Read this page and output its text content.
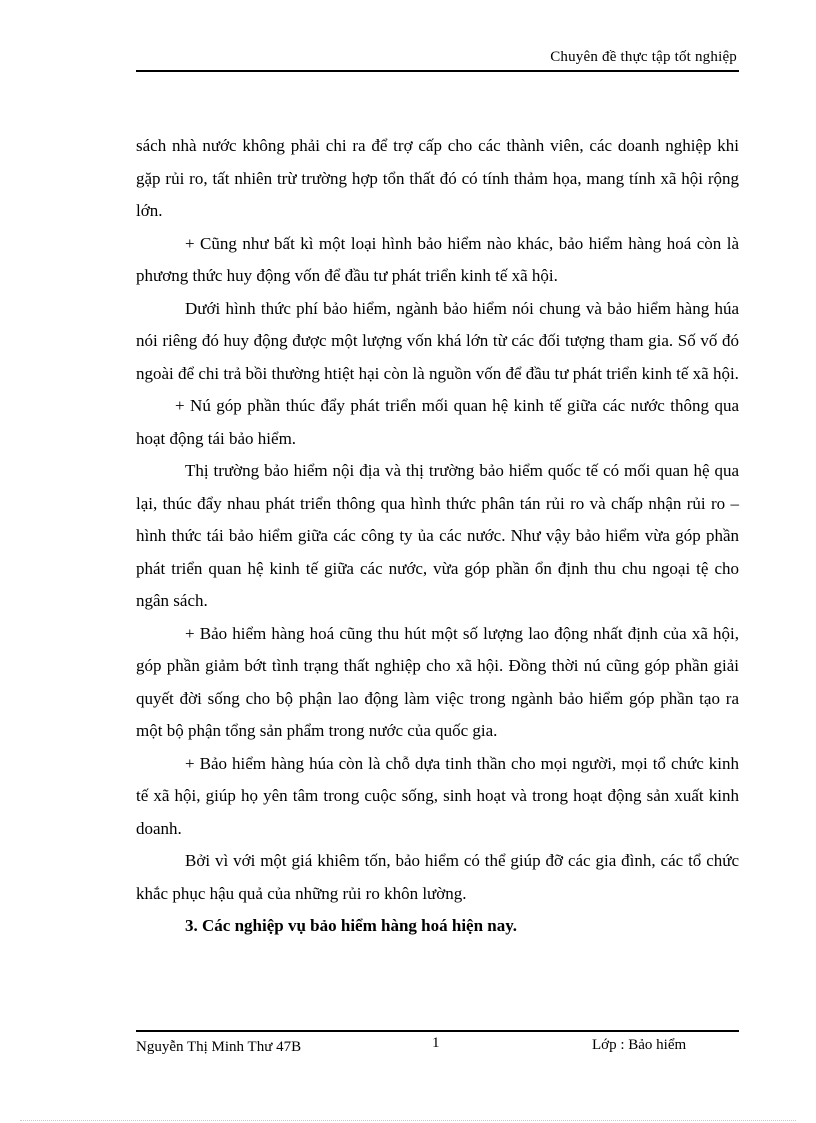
Chuyên đề thực tập tốt nghiệp

sách nhà nước không phải chi ra để trợ cấp cho các thành viên, các doanh nghiệp khi gặp rủi ro, tất nhiên trừ trường hợp tổn thất đó có tính thảm họa, mang tính xã hội rộng lớn.

+ Cũng như bất kì một loại hình bảo hiểm nào khác, bảo hiểm hàng hoá còn là phương thức huy động vốn để đầu tư phát triển kinh tế xã hội.

Dưới hình thức phí bảo hiểm, ngành bảo hiểm nói chung và bảo hiểm hàng húa nói riêng đó huy động được một lượng vốn khá lớn từ các đối tượng tham gia. Số vố đó ngoài để chi trả bồi thường htiệt hại còn là nguồn vốn để đầu tư phát triển kinh tế xã hội.

+ Nú góp phần thúc đẩy phát triển mối quan hệ kinh tế giữa các nước thông qua hoạt động tái bảo hiểm.

Thị trường bảo hiểm nội địa và thị trường bảo hiểm quốc tế có mối quan hệ qua lại, thúc đẩy nhau phát triển thông qua hình thức phân tán rủi ro và chấp nhận rủi ro – hình thức tái bảo hiểm giữa các công ty ủa các nước. Như vậy bảo hiểm vừa góp phần phát triển quan hệ kinh tế giữa các nước, vừa góp phần ổn định thu chu ngoại tệ cho ngân sách.

+ Bảo hiểm hàng hoá cũng thu hút một số lượng lao động nhất định của xã hội, góp phần giảm bớt tình trạng thất nghiệp cho xã hội. Đồng thời nú cũng góp phần giải quyết đời sống cho bộ phận lao động làm việc trong ngành bảo hiểm góp phần tạo ra một bộ phận tổng sản phẩm trong nước của quốc gia.

+ Bảo hiểm hàng húa còn là chỗ dựa tinh thần cho mọi người, mọi tổ chức kinh tế xã hội, giúp họ yên tâm trong cuộc sống, sinh hoạt và trong hoạt động sản xuất kinh doanh.

Bởi vì với một giá khiêm tốn, bảo hiểm có thể giúp đỡ các gia đình, các tổ chức khắc phục hậu quả của những rủi ro khôn lường.

3. Các nghiệp vụ bảo hiểm hàng hoá hiện nay.

Nguyễn Thị Minh Thư 47B	1	Lớp : Bảo hiểm
